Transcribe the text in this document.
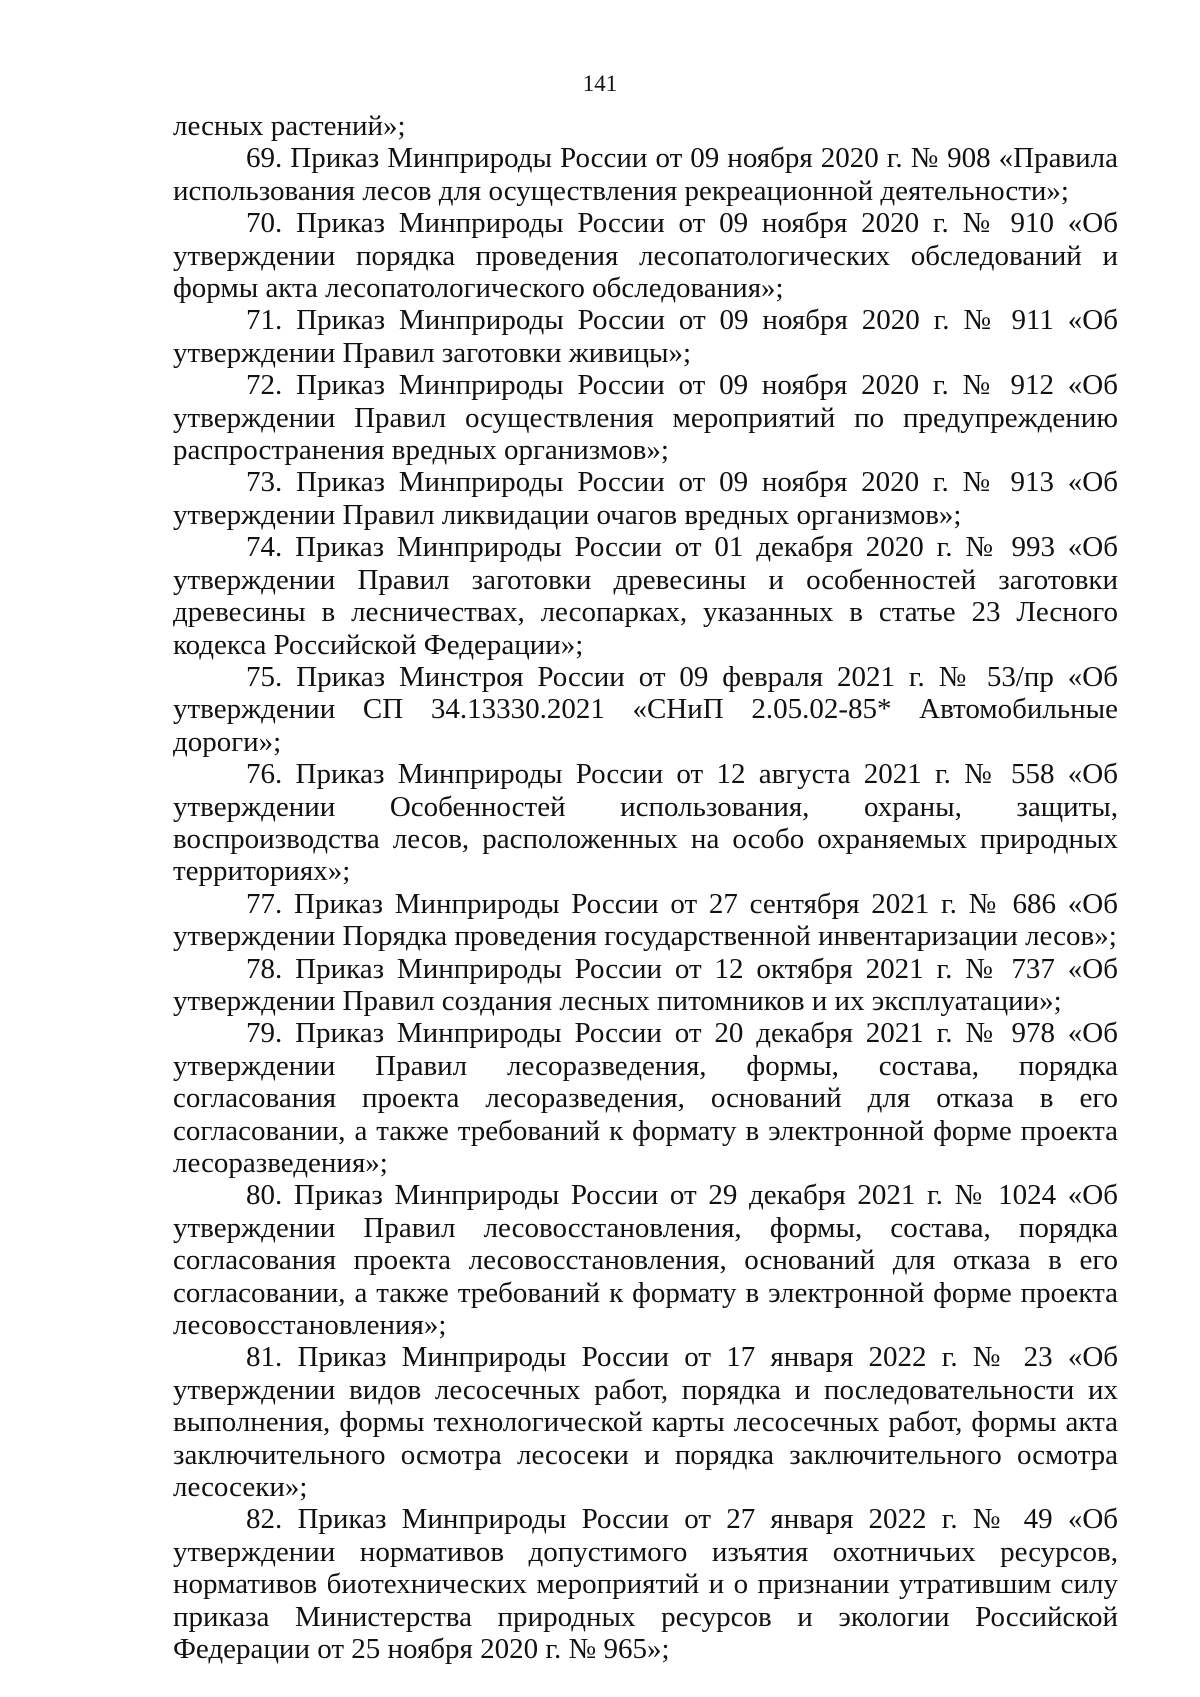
141

лесных растений»;

69. Приказ Минприроды России от 09 ноября 2020 г. № 908 «Правила использования лесов для осуществления рекреационной деятельности»;

70. Приказ Минприроды России от 09 ноября 2020 г. № 910 «Об утверждении порядка проведения лесопатологических обследований и формы акта лесопатологического обследования»;

71. Приказ Минприроды России от 09 ноября 2020 г. № 911 «Об утверждении Правил заготовки живицы»;

72. Приказ Минприроды России от 09 ноября 2020 г. № 912 «Об утверждении Правил осуществления мероприятий по предупреждению распространения вредных организмов»;

73. Приказ Минприроды России от 09 ноября 2020 г. № 913 «Об утверждении Правил ликвидации очагов вредных организмов»;

74. Приказ Минприроды России от 01 декабря 2020 г. № 993 «Об утверждении Правил заготовки древесины и особенностей заготовки древесины в лесничествах, лесопарках, указанных в статье 23 Лесного кодекса Российской Федерации»;

75. Приказ Минстроя России от 09 февраля 2021 г. № 53/пр «Об утверждении СП 34.13330.2021 «СНиП 2.05.02-85* Автомобильные дороги»;

76. Приказ Минприроды России от 12 августа 2021 г. № 558 «Об утверждении Особенностей использования, охраны, защиты, воспроизводства лесов, расположенных на особо охраняемых природных территориях»;

77. Приказ Минприроды России от 27 сентября 2021 г. № 686 «Об утверждении Порядка проведения государственной инвентаризации лесов»;

78. Приказ Минприроды России от 12 октября 2021 г. № 737 «Об утверждении Правил создания лесных питомников и их эксплуатации»;

79. Приказ Минприроды России от 20 декабря 2021 г. № 978 «Об утверждении Правил лесоразведения, формы, состава, порядка согласования проекта лесоразведения, оснований для отказа в его согласовании, а также требований к формату в электронной форме проекта лесоразведения»;

80. Приказ Минприроды России от 29 декабря 2021 г. № 1024 «Об утверждении Правил лесовосстановления, формы, состава, порядка согласования проекта лесовосстановления, оснований для отказа в его согласовании, а также требований к формату в электронной форме проекта лесовосстановления»;

81. Приказ Минприроды России от 17 января 2022 г. № 23 «Об утверждении видов лесосечных работ, порядка и последовательности их выполнения, формы технологической карты лесосечных работ, формы акта заключительного осмотра лесосеки и порядка заключительного осмотра лесосеки»;

82. Приказ Минприроды России от 27 января 2022 г. № 49 «Об утверждении нормативов допустимого изъятия охотничьих ресурсов, нормативов биотехнических мероприятий и о признании утратившим силу приказа Министерства природных ресурсов и экологии Российской Федерации от 25 ноября 2020 г. № 965»;
